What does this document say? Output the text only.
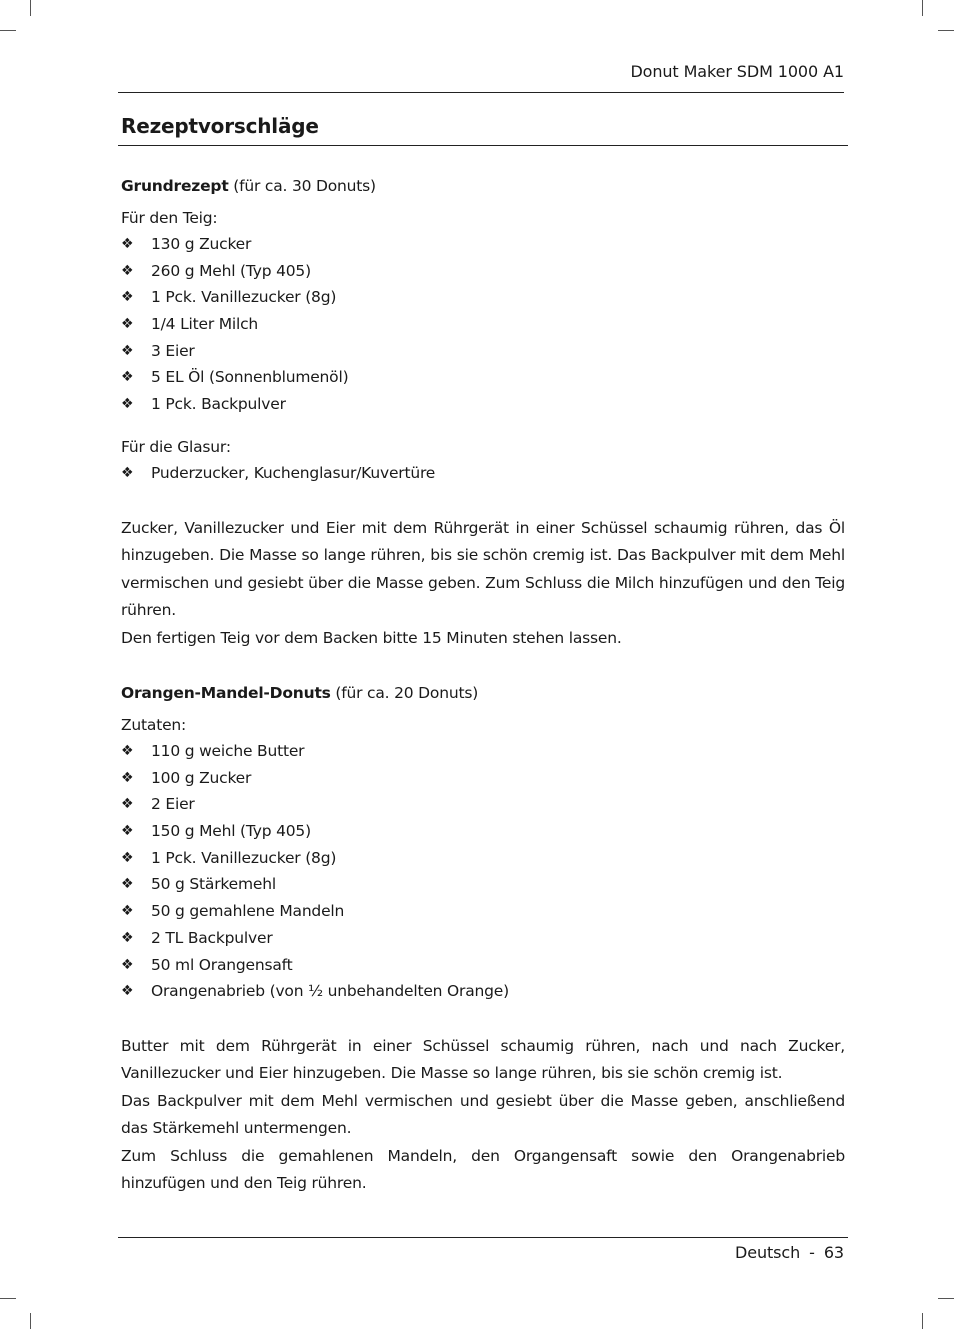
Donut Maker SDM 1000 A1
Rezeptvorschläge

Grundrezept (für ca. 30 Donuts)

Für den Teig:

❖ 130 g Zucker
❖ 260 g Mehl (Typ 405)
❖ 1 Pck. Vanillezucker (8g)
❖ 1/4 Liter Milch
❖ 3 Eier
❖ 5 EL Öl (Sonnenblumenöl)
❖ 1 Pck. Backpulver

Für die Glasur:

❖ Puderzucker, Kuchenglasur/Kuvertüre

Zucker, Vanillezucker und Eier mit dem Rührgerät in einer Schüssel schaumig rühren, das Öl hinzugeben. Die Masse so lange rühren, bis sie schön cremig ist. Das Backpulver mit dem Mehl vermischen und gesiebt über die Masse geben. Zum Schluss die Milch hinzufügen und den Teig rühren.

Den fertigen Teig vor dem Backen bitte 15 Minuten stehen lassen.

Orangen-Mandel-Donuts (für ca. 20 Donuts)

Zutaten:

❖ 110 g weiche Butter
❖ 100 g Zucker
❖ 2 Eier
❖ 150 g Mehl (Typ 405)
❖ 1 Pck. Vanillezucker (8g)
❖ 50 g Stärkemehl
❖ 50 g gemahlene Mandeln
❖ 2 TL Backpulver
❖ 50 ml Orangensaft
❖ Orangenabrieb (von ½ unbehandelten Orange)

Butter mit dem Rührgerät in einer Schüssel schaumig rühren, nach und nach Zucker, Vanillezucker und Eier hinzugeben. Die Masse so lange rühren, bis sie schön cremig ist.

Das Backpulver mit dem Mehl vermischen und gesiebt über die Masse geben, anschließend das Stärkemehl untermengen.

Zum Schluss die gemahlenen Mandeln, den Organgensaft sowie den Orangenabrieb hinzufügen und den Teig rühren.

Deutsch - 63
